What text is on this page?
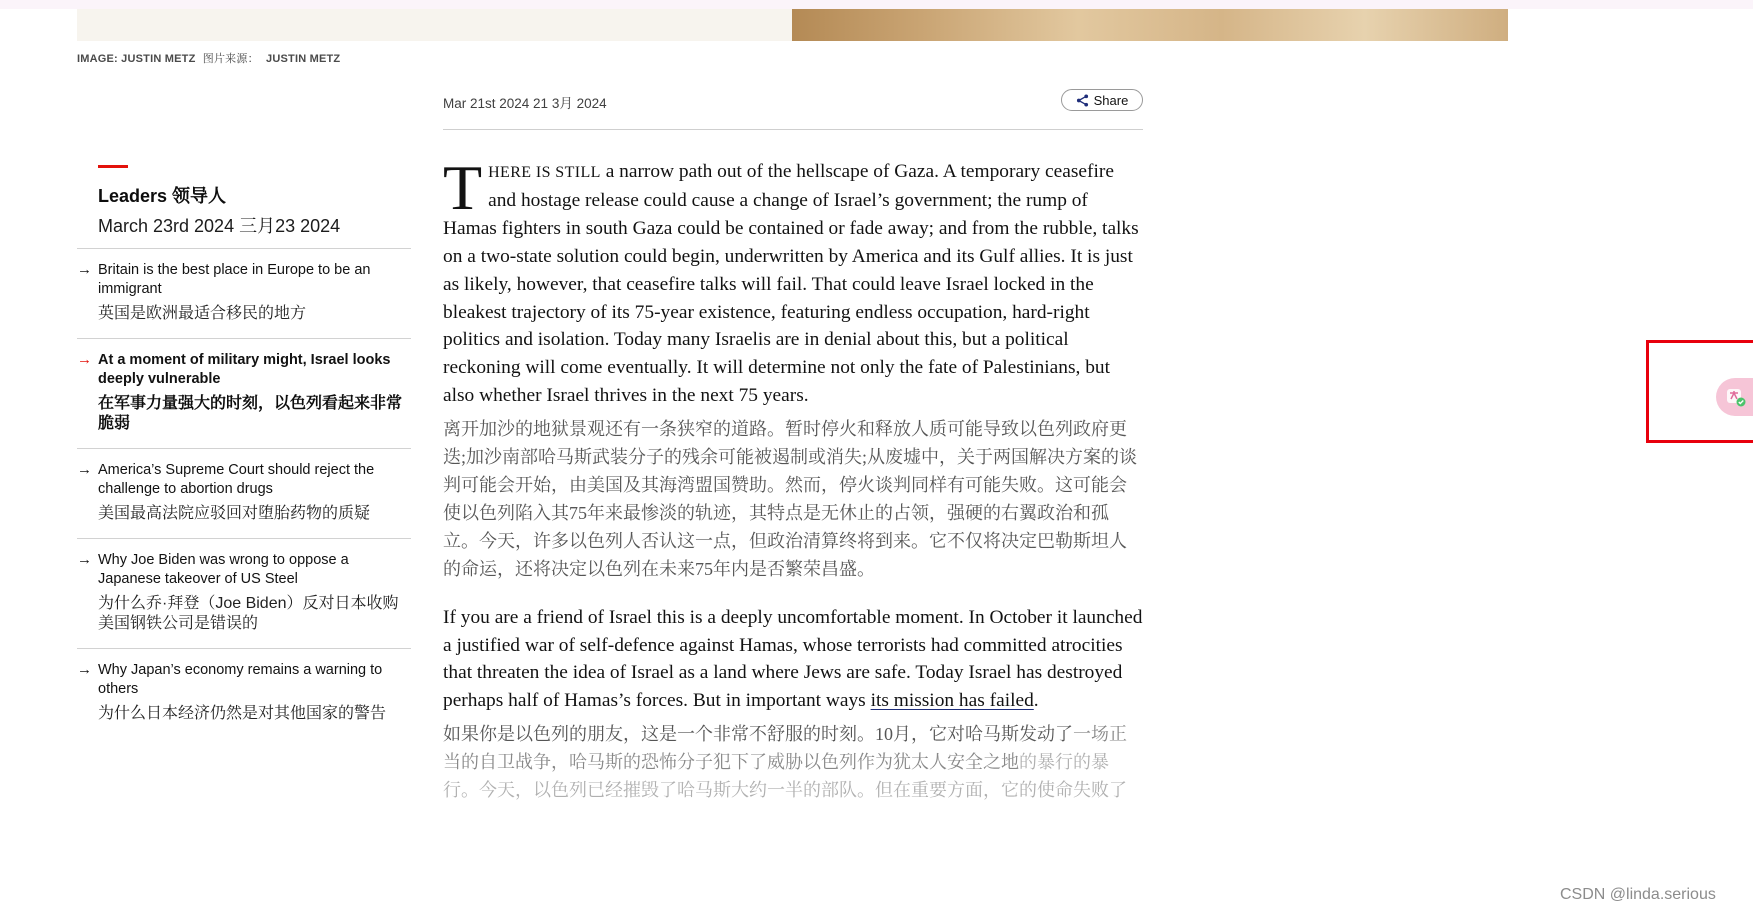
IMAGE: JUSTIN METZ 图片来源： JUSTIN METZ
Leaders 领导人
March 23rd 2024 三月23 2024
→ Britain is the best place in Europe to be an immigrant
英国是欧洲最适合移民的地方
→ At a moment of military might, Israel looks deeply vulnerable
在军事力量强大的时刻，以色列看起来非常脆弱
→ America’s Supreme Court should reject the challenge to abortion drugs
美国最高法院应驳回对堕胎药物的质疑
→ Why Joe Biden was wrong to oppose a Japanese takeover of US Steel
为什么乔·拜登（Joe Biden）反对日本收购美国钢铁公司是错误的
→ Why Japan’s economy remains a warning to others
为什么日本经济仍然是对其他国家的警告
Mar 21st 2024 21 3月 2024	Share

THERE IS STILL a narrow path out of the hellscape of Gaza. A temporary ceasefire and hostage release could cause a change of Israel’s government; the rump of Hamas fighters in south Gaza could be contained or fade away; and from the rubble, talks on a two-state solution could begin, underwritten by America and its Gulf allies. It is just as likely, however, that ceasefire talks will fail. That could leave Israel locked in the bleakest trajectory of its 75-year existence, featuring endless occupation, hard-right politics and isolation. Today many Israelis are in denial about this, but a political reckoning will come eventually. It will determine not only the fate of Palestinians, but also whether Israel thrives in the next 75 years.

离开加沙的地狱景观还有一条狭窄的道路。暂时停火和释放人质可能导致以色列政府更迭;加沙南部哈马斯武装分子的残余可能被遏制或消失;从废墟中，关于两国解决方案的谈判可能会开始，由美国及其海湾盟国赞助。然而，停火谈判同样有可能失败。这可能会使以色列陷入其75年来最惨淡的轨迹，其特点是无休止的占领，强硬的右翼政治和孤立。今天，许多以色列人否认这一点，但政治清算终将到来。它不仅将决定巴勒斯坦人的命运，还将决定以色列在未来75年内是否繁荣昌盛。

If you are a friend of Israel this is a deeply uncomfortable moment. In October it launched a justified war of self-defence against Hamas, whose terrorists had committed atrocities that threaten the idea of Israel as a land where Jews are safe. Today Israel has destroyed perhaps half of Hamas’s forces. But in important ways its mission has failed.

如果你是以色列的朋友，这是一个非常不舒服的时刻。10月，它对哈马斯发动了一场正当的自卫战争，哈马斯的恐怖分子犯下了威胁以色列作为犹太人安全之地的暴行的暴行。今天，以色列已经摧毁了哈马斯大约一半的部队。但在重要方面，它的使命失败了

CSDN @linda.serious
